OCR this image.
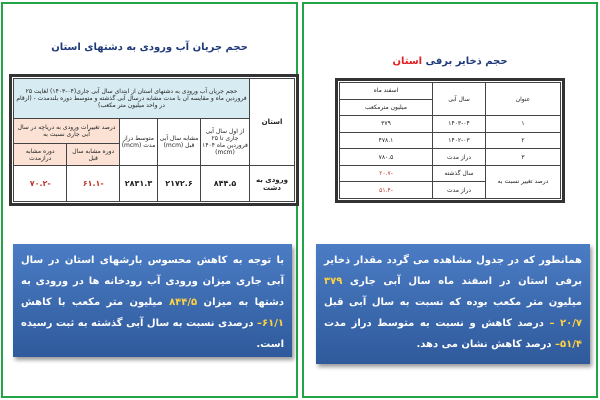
حجم جریان آب ورودی به دشتهای استان
استان	حجم جریان آب ورودی به دشتهای استان از ابتدای سال آبی جاری(۰۴-۱۴۰۳) لغایت ۲۵ فروردین ماه و مقایسه آن با مدت مشابه درسال آبی گذشته و متوسط دوره بلندمدت - (ارقام در واحد میلیون متر مکعب)				
	از اول سال آبی جاری تا ۲۵ فروردین ماه ۱۴۰۴ (mcm)	مشابه سال آبی قبل (mcm)	متوسط دراز مدت (mcm)	درصد تغییرات ورودی به دریاچه در سال آبی جاری نسبت به	
				دوره مشابه سال قبل	دوره مشابه درازمدت
ورودی به دشت	۸۴۴.۵	۲۱۷۲.۶	۲۸۳۱.۳	-۶۱.۱	-۷۰.۲
با توجه به کاهش محسوس بارشهای استان در سال آبی جاری میزان ورودی آب رودخانه ها در ورودی به دشتها به میزان ۸۴۴/۵ میلیون متر مکعب با کاهش ۶۱/۱– درصدی نسبت به سال آبی گذشته به ثبت رسیده است.
حجم ذخایر برفی استان
عنوان	سال آبی	اسفند ماه
		میلیون مترمکعب
۱	۱۴۰۳-۰۴	۳۷۹
۲	۱۴۰۲-۰۳	۴۷۸.۱
۳	دراز مدت	۷۸۰.۵
درصد تغییر نسبت به	سال گذشته	-۲۰.۷
	دراز مدت	-۵۱.۴
همانطور که در جدول مشاهده می گردد مقدار ذخایر برفی استان در اسفند ماه سال آبی جاری ۳۷۹ میلیون متر مکعب بوده که نسبت به سال آبی قبل ۲۰/۷ – درصد کاهش و نسبت به متوسط دراز مدت ۵۱/۴– درصد کاهش نشان می دهد.
